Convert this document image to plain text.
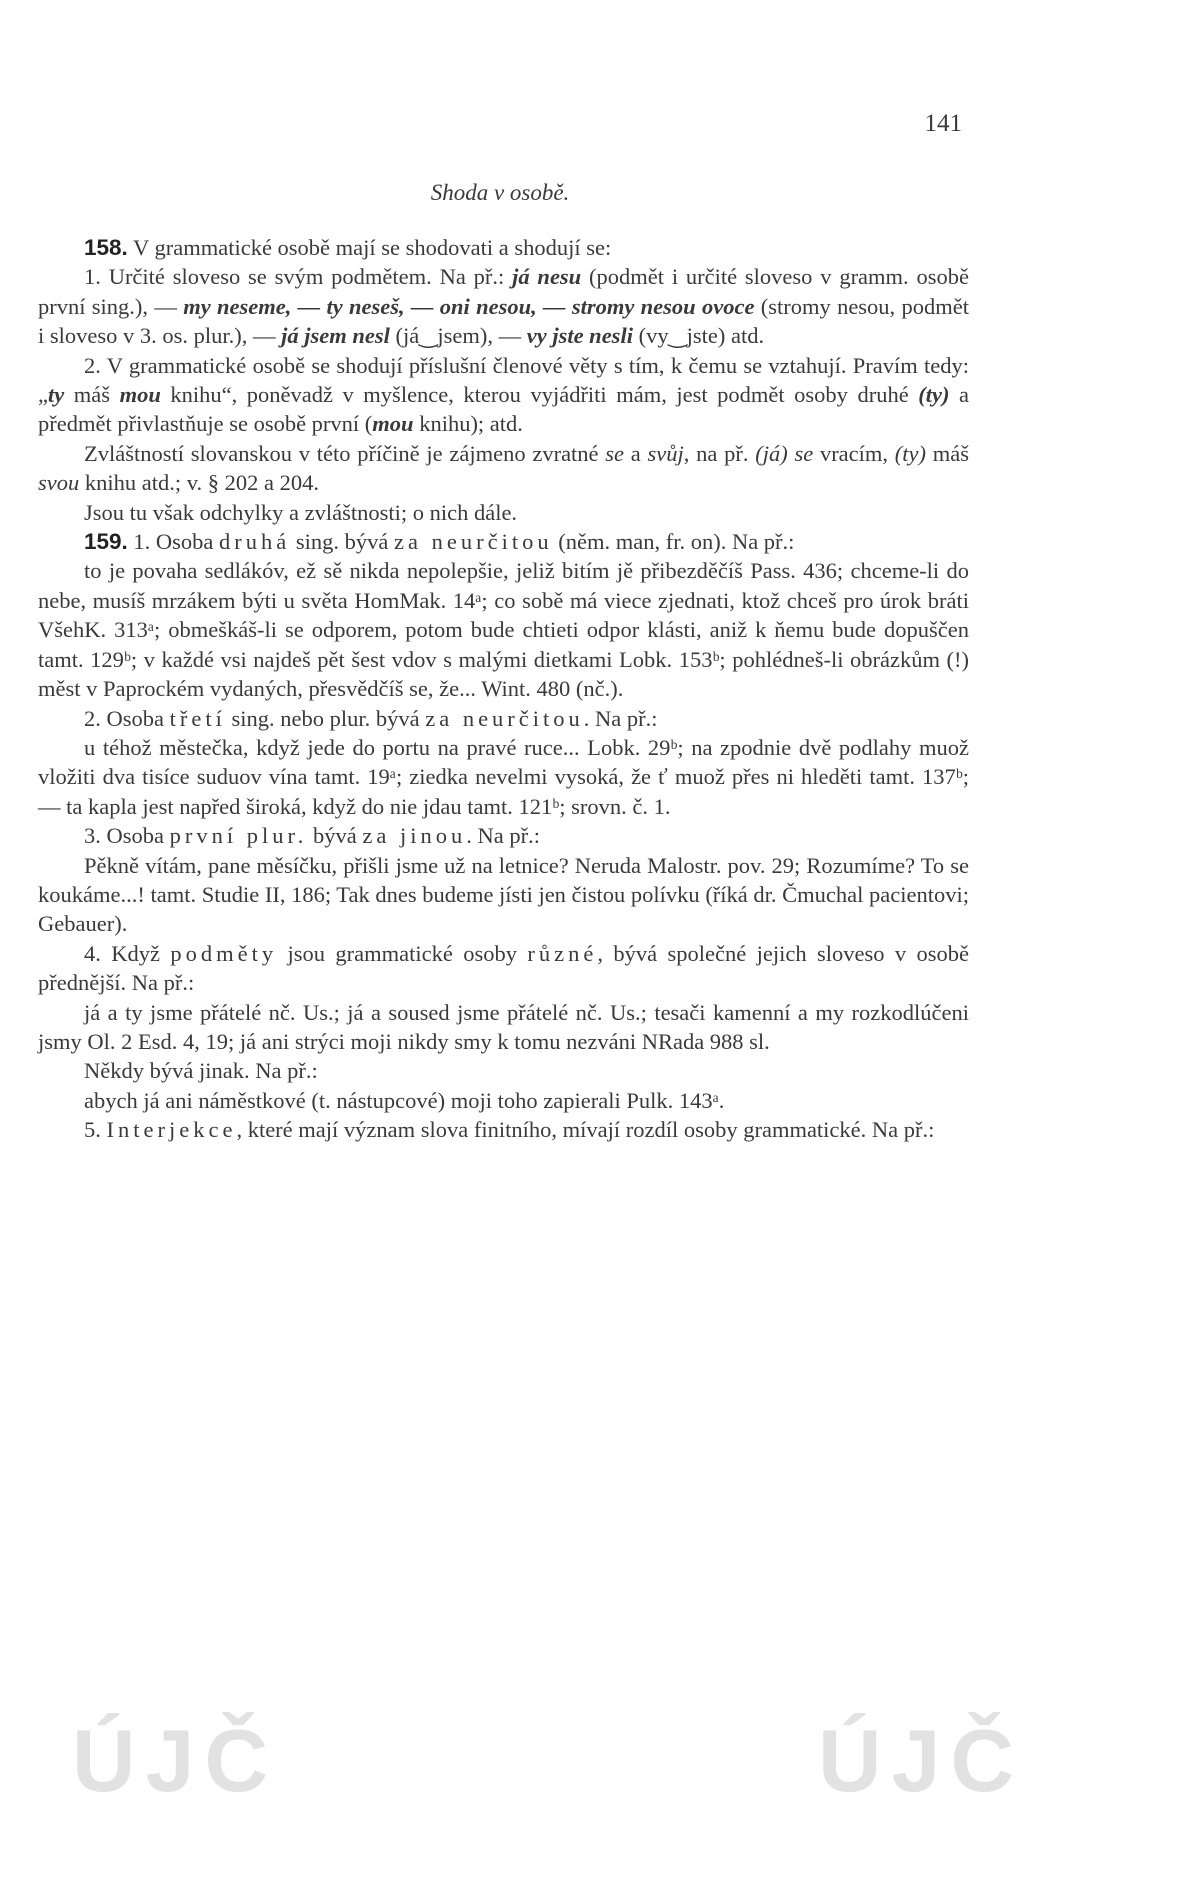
141
Shoda v osobě.

158. V grammatické osobě mají se shodovati a shodují se:

1. Určité sloveso se svým podmětem. Na př.: já nesu (podmět i určité sloveso v gramm. osobě první sing.), — my neseme, — ty neseš, — oni nesou, — stromy nesou ovoce (stromy nesou, podmět i sloveso v 3. os. plur.), — já jsem nesl (já‿jsem), — vy jste nesli (vy‿jste) atd.

2. V grammatické osobě se shodují příslušní členové věty s tím, k čemu se vztahují. Pravím tedy: „ty máš mou knihu“, poněvadž v myšlence, kterou vyjádřiti mám, jest podmět osoby druhé (ty) a předmět přivlastňuje se osobě první (mou knihu); atd.

Zvláštností slovanskou v této příčině je zájmeno zvratné se a svůj, na př. (já) se vracím, (ty) máš svou knihu atd.; v. § 202 a 204.

Jsou tu však odchylky a zvláštnosti; o nich dále.

159. 1. Osoba druhá sing. bývá za neurčitou (něm. man, fr. on). Na př.:

to je povaha sedlákóv, ež sě nikda nepolepšie, jeliž bitím jě přibezděčíš Pass. 436; chceme-li do nebe, musíš mrzákem býti u světa HomMak. 14ᵃ; co sobě má viece zjednati, ktož chceš pro úrok bráti VšehK. 313ᵃ; obmeškáš-li se odporem, potom bude chtieti odpor klásti, aniž k ňemu bude dopuščen tamt. 129ᵇ; v každé vsi najdeš pět šest vdov s malými dietkami Lobk. 153ᵇ; pohlédneš-li obrázkům (!) měst v Paprockém vydaných, přesvědčíš se, že... Wint. 480 (nč.).

2. Osoba třetí sing. nebo plur. bývá za neurčitou. Na př.:

u téhož městečka, když jede do portu na pravé ruce... Lobk. 29ᵇ; na zpodnie dvě podlahy muož vložiti dva tisíce suduov vína tamt. 19ᵃ; ziedka nevelmi vysoká, že ť muož přes ni hleděti tamt. 137ᵇ; — ta kapla jest napřed široká, když do nie jdau tamt. 121ᵇ; srovn. č. 1.

3. Osoba první plur. bývá za jinou. Na př.:

Pěkně vítám, pane měsíčku, přišli jsme už na letnice? Neruda Malostr. pov. 29; Rozumíme? To se koukáme...! tamt. Studie II, 186; Tak dnes budeme jísti jen čistou polívku (říká dr. Čmuchal pacientovi; Gebauer).

4. Když podměty jsou grammatické osoby různé, bývá společné jejich sloveso v osobě přednější. Na př.:

já a ty jsme přátelé nč. Us.; já a soused jsme přátelé nč. Us.; tesači kamenní a my rozkodlúčeni jsmy Ol. 2 Esd. 4, 19; já ani strýci moji nikdy smy k tomu nezváni NRada 988 sl.

Někdy bývá jinak. Na př.:

abych já ani náměstkové (t. nástupcové) moji toho zapierali Pulk. 143ᵃ.

5. Interjekce, které mají význam slova finitního, mívají rozdíl osoby grammatické. Na př.:

ÚJČ	ÚJČ
